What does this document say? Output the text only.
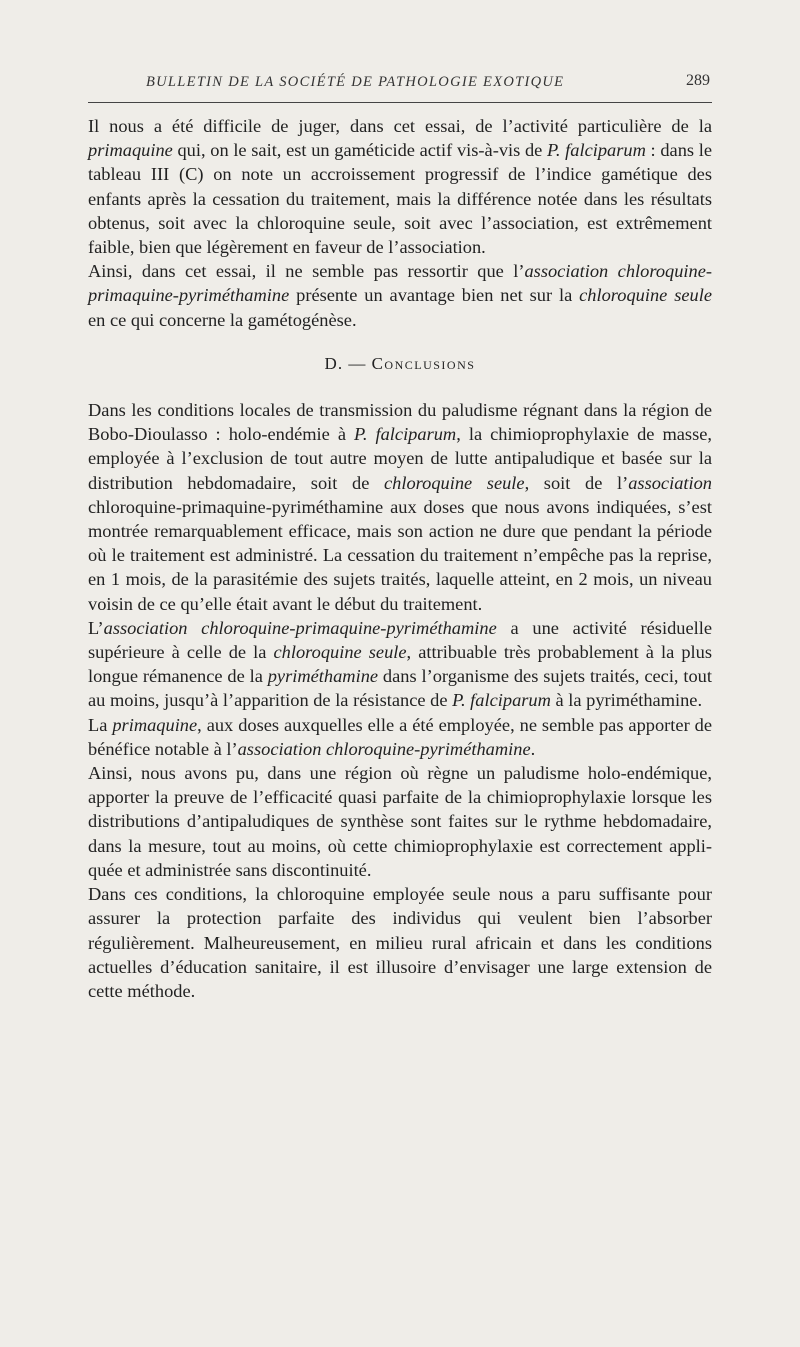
BULLETIN DE LA SOCIÉTÉ DE PATHOLOGIE EXOTIQUE	289

Il nous a été difficile de juger, dans cet essai, de l’activité particulière de la primaquine qui, on le sait, est un gaméticide actif vis-à-vis de P. falciparum : dans le tableau III (C) on note un accroissement progressif de l’indice gamétique des enfants après la cessation du traitement, mais la différence notée dans les résultats obtenus, soit avec la chloroquine seule, soit avec l’association, est extrêmement faible, bien que légèrement en faveur de l’association.

Ainsi, dans cet essai, il ne semble pas ressortir que l’association chloroquine-primaquine-pyriméthamine présente un avantage bien net sur la chloroquine seule en ce qui concerne la gamétogénèse.

D. — Conclusions

Dans les conditions locales de transmission du paludisme régnant dans la région de Bobo-Dioulasso : holo-endémie à P. falciparum, la chimioprophylaxie de masse, employée à l’exclusion de tout autre moyen de lutte antipaludique et basée sur la distribution hebdomadaire, soit de chloroquine seule, soit de l’association chloroquine-primaquine-pyriméthamine aux doses que nous avons indiquées, s’est montrée remarquablement efficace, mais son action ne dure que pendant la période où le traitement est administré. La cessation du traitement n’empêche pas la reprise, en 1 mois, de la parasitémie des sujets traités, laquelle atteint, en 2 mois, un niveau voisin de ce qu’elle était avant le début du traitement.

L’association chloroquine-primaquine-pyriméthamine a une activité résiduelle supérieure à celle de la chloroquine seule, attribuable très probablement à la plus longue rémanence de la pyriméthamine dans l’organisme des sujets traités, ceci, tout au moins, jusqu’à l’apparition de la résistance de P. falciparum à la pyriméthamine.

La primaquine, aux doses auxquelles elle a été employée, ne semble pas apporter de bénéfice notable à l’association chloroquine-pyriméthamine.

Ainsi, nous avons pu, dans une région où règne un paludisme holo-endémique, apporter la preuve de l’efficacité quasi parfaite de la chimioprophylaxie lorsque les distributions d’antipaludiques de synthèse sont faites sur le rythme hebdomadaire, dans la mesure, tout au moins, où cette chimioprophylaxie est correctement appliquée et administrée sans discontinuité.

Dans ces conditions, la chloroquine employée seule nous a paru suffisante pour assurer la protection parfaite des individus qui veulent bien l’absorber régulièrement. Malheureusement, en milieu rural africain et dans les conditions actuelles d’éducation sanitaire, il est illusoire d’envisager une large extension de cette méthode.
